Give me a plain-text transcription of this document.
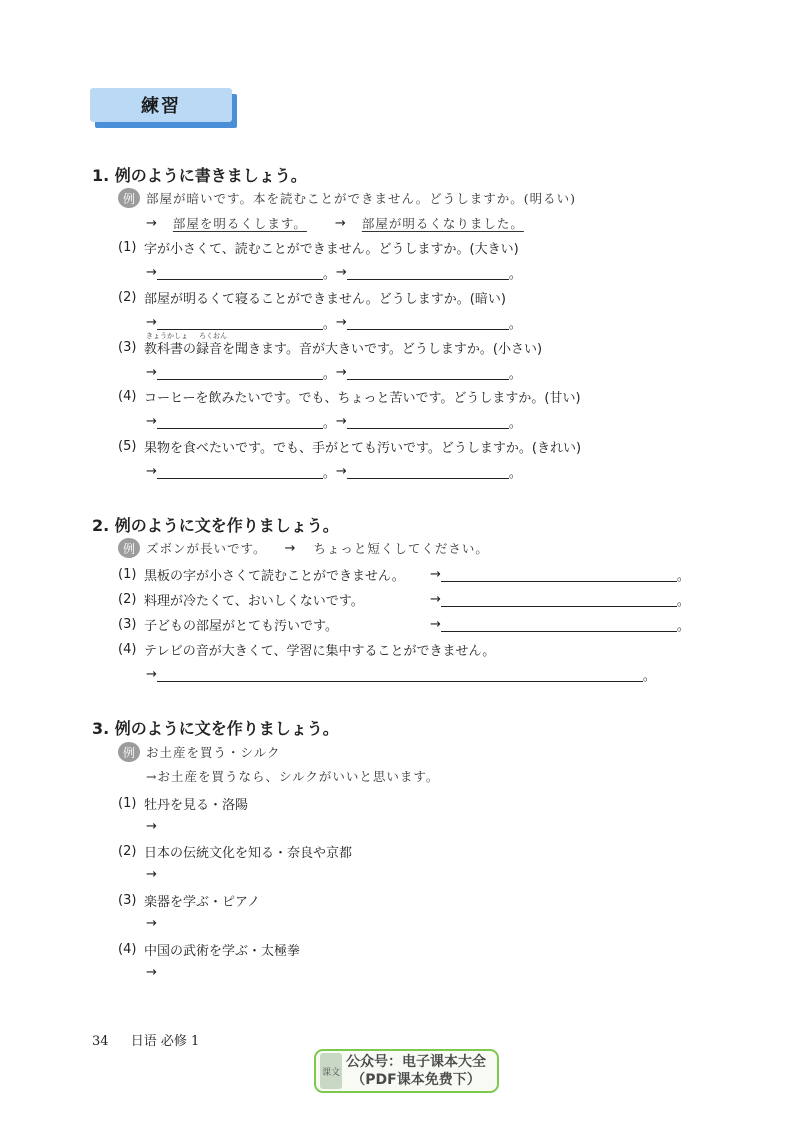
練習
1. 例のように書きましょう。
例 部屋が暗いです。本を読むことができません。どうしますか。(明るい)
→ 部屋を明るくします。 → 部屋が明るくなりました。
(1) 字が小さくて、読むことができません。どうしますか。(大きい)
→	。 →	。
(2) 部屋が明るくて寝ることができません。どうしますか。(暗い)
→	。 →	。
きょうかしょ ろくおん
(3) 教科書の録音を聞きます。音が大きいです。どうしますか。(小さい)
→	。 →	。
(4) コーヒーを飲みたいです。でも、ちょっと苦いです。どうしますか。(甘い)
→	。 →	。
(5) 果物を食べたいです。でも、手がとても汚いです。どうしますか。(きれい)
→	。 →	。
2. 例のように文を作りましょう。
例 ズボンが長いです。 → ちょっと短くしてください。
(1) 黒板の字が小さくて読むことができません。	→	。
(2) 料理が冷たくて、おいしくないです。	→	。
(3) 子どもの部屋がとても汚いです。	→	。
(4) テレビの音が大きくて、学習に集中することができません。
→	。
3. 例のように文を作りましょう。
例 お土産を買う・シルク
→お土産を買うなら、シルクがいいと思います。
(1) 牡丹を見る・洛陽
→
(2) 日本の伝統文化を知る・奈良や京都
→
(3) 楽器を学ぶ・ピアノ
→
(4) 中国の武術を学ぶ・太極拳
→
34 日语 必修 1
课文
公众号：电子课本大全
（PDF课本免费下）
